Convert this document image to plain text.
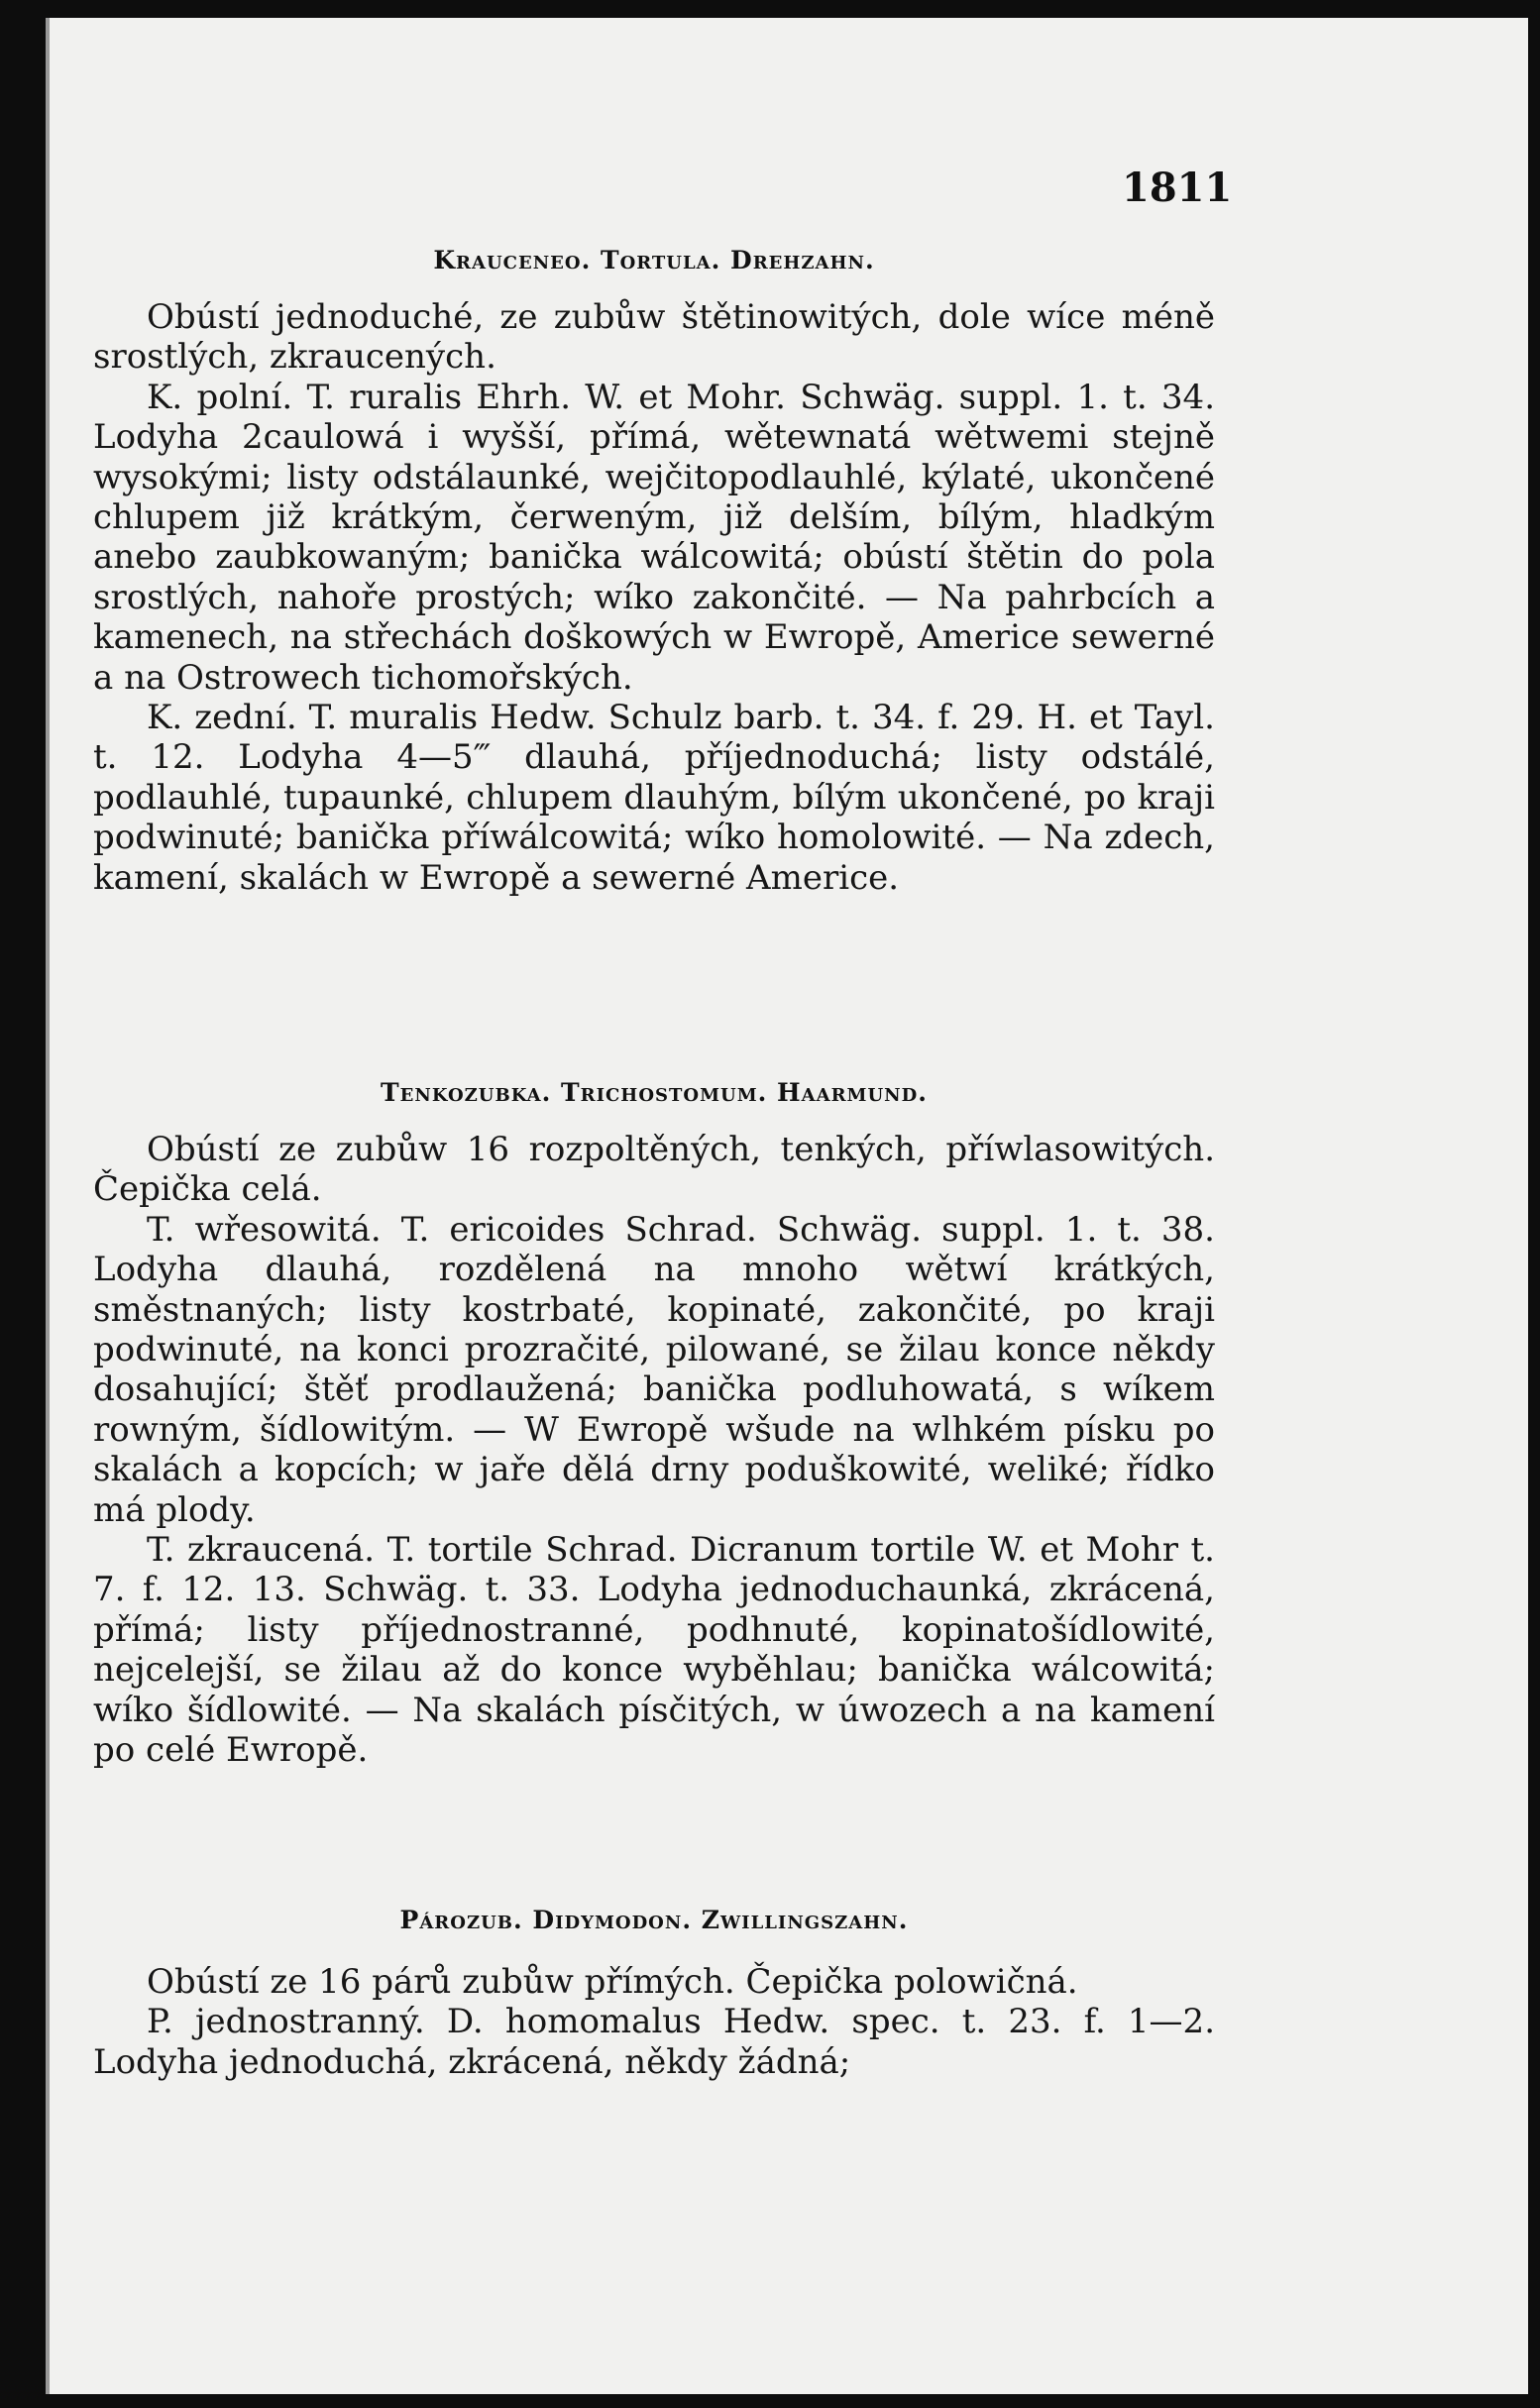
1811
Krauceneo. Tortula. Drehzahn.

Obústí jednoduché, ze zubůw štětinowitých, dole wíce méně srostlých, zkraucených.

K. polní. T. ruralis Ehrh. W. et Mohr. Schwäg. suppl. 1. t. 34. Lodyha 2caulowá i wyšší, přímá, wětewnatá wětwemi stejně wysokými; listy odstálaunké, wejčitopodlauhlé, kýlaté, ukončené chlupem již krátkým, čerweným, již delším, bílým, hladkým anebo zaubkowaným; banička wálcowitá; obústí štětin do pola srostlých, nahoře prostých; wíko zakončité. — Na pahrbcích a kamenech, na střechách doškowých w Ewropě, Americe sewerné a na Ostrowech tichomořských.

K. zední. T. muralis Hedw. Schulz barb. t. 34. f. 29. H. et Tayl. t. 12. Lodyha 4—5‴ dlauhá, příjednoduchá; listy odstálé, podlauhlé, tupaunké, chlupem dlauhým, bílým ukončené, po kraji podwinuté; banička příwálcowitá; wíko homolowité. — Na zdech, kamení, skalách w Ewropě a sewerné Americe.

Tenkozubka. Trichostomum. Haarmund.

Obústí ze zubůw 16 rozpoltěných, tenkých, příwlasowitých. Čepička celá.

T. wřesowitá. T. ericoides Schrad. Schwäg. suppl. 1. t. 38. Lodyha dlauhá, rozdělená na mnoho wětwí krátkých, směstnaných; listy kostrbaté, kopinaté, zakončité, po kraji podwinuté, na konci prozračité, pilowané, se žilau konce někdy dosahující; štěť prodlaužená; banička podluhowatá, s wíkem rowným, šídlowitým. — W Ewropě wšude na wlhkém písku po skalách a kopcích; w jaře dělá drny poduškowité, weliké; řídko má plody.

T. zkraucená. T. tortile Schrad. Dicranum tortile W. et Mohr t. 7. f. 12. 13. Schwäg. t. 33. Lodyha jednoduchaunká, zkrácená, přímá; listy příjednostranné, podhnuté, kopinatošídlowité, nejcelejší, se žilau až do konce wyběhlau; banička wálcowitá; wíko šídlowité. — Na skalách písčitých, w úwozech a na kamení po celé Ewropě.

Pározub. Didymodon. Zwillingszahn.

Obústí ze 16 párů zubůw přímých. Čepička polowičná.

P. jednostranný. D. homomalus Hedw. spec. t. 23. f. 1—2. Lodyha jednoduchá, zkrácená, někdy žádná;
